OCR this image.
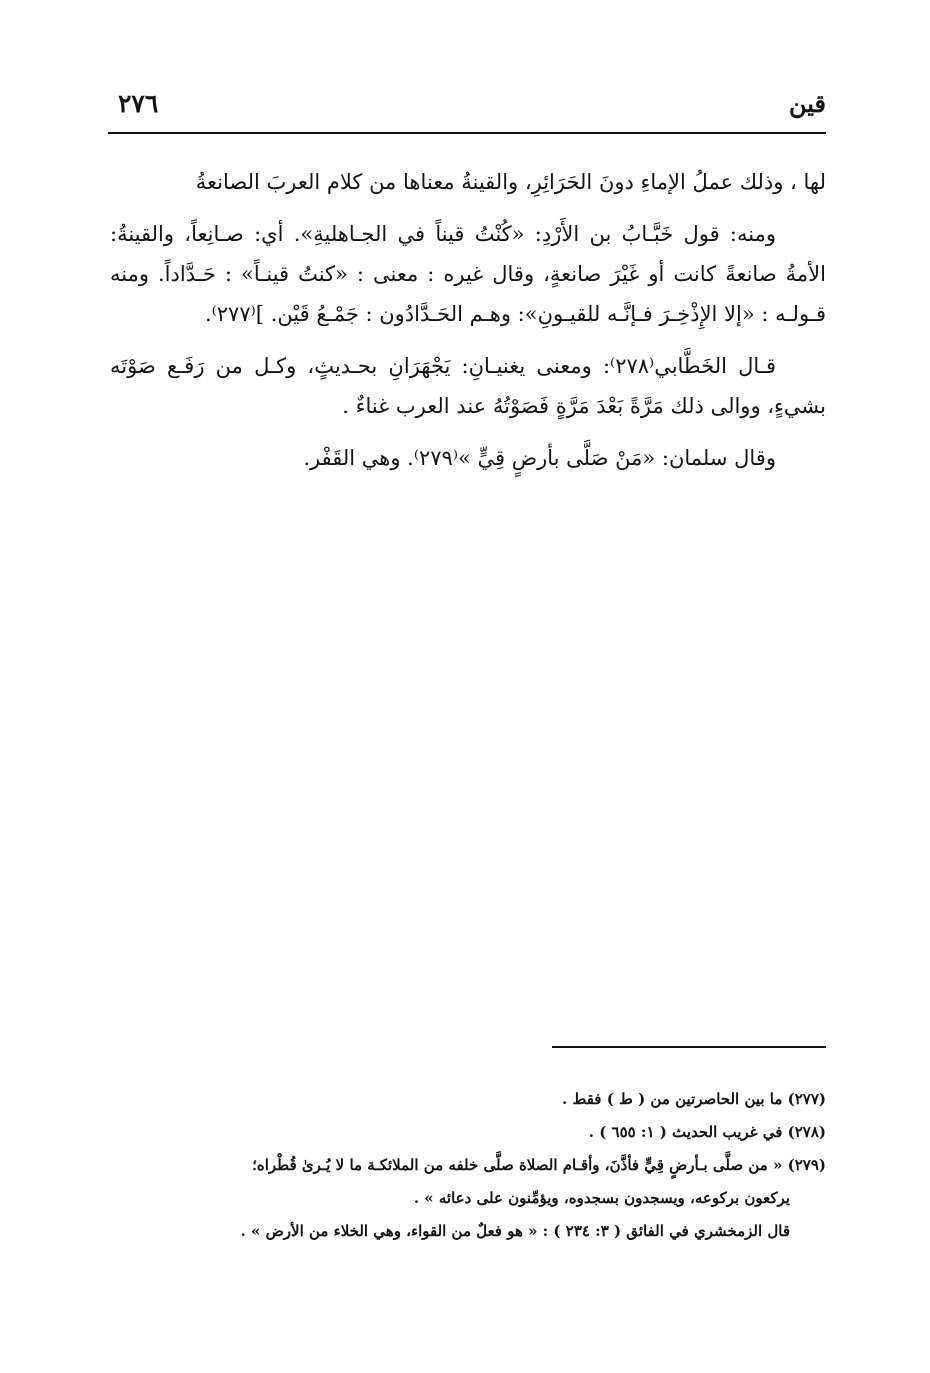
قين
٢٧٦

لها ، وذلك عملُ الإماءِ دونَ الحَرَائِرِ، والقينةُ معناها من كلام العربَ الصانعةُ

ومنه: قول خَبَّـابُ بن الأَرْدِ: «كُنْتُ قيناً في الجـاهليةِ». أي: صـانِعاً، والقينةُ: الأمةُ صانعةً كانت أو غَيْرَ صانعةٍ، وقال غيره : معنى : «كنتُ قينـاً» : حَـدَّاداً. ومنه قـولـه : «إلا الإِذْخِـرَ فـإنَّـه للقيـونِ»: وهـم الحَـدَّادُون : جَمْـعُ قَيْن. ]⁽٢٧٧⁾.

قـال الخَطَّابي⁽٢٧٨⁾: ومعنى يغنيـانِ: يَجْهَرَانِ بحـديثٍ، وكـل من رَفَـع صَوْتَه بشيءٍ، ووالى ذلك مَرَّةً بَعْدَ مَرَّةٍ فَصَوْتُهُ عند العرب غناءٌ .

وقال سلمان: «مَنْ صَلَّى بأرضٍ قِيٍّ »⁽٢٧٩⁾. وهي القَفْر.

(٢٧٧) ما بين الحاصرتين من ( ط ) فقط .

(٢٧٨) في غريب الحديث ( ١: ٦٥٥ ) .

(٢٧٩) « من صلَّى بـأرضٍ قِيٍّ فأذَّنَ، وأقـام الصلاة صلَّى خلفه من الملائكـة ما لا يُـرىٰ قُطْراه؛

يركعون بركوعه، ويسجدون بسجدوه، ويؤمِّنون على دعائه » .

قال الزمخشري في الفائق ( ٣: ٢٣٤ ) : « هو فعلٌ من القواء، وهي الخلاء من الأرض » .
